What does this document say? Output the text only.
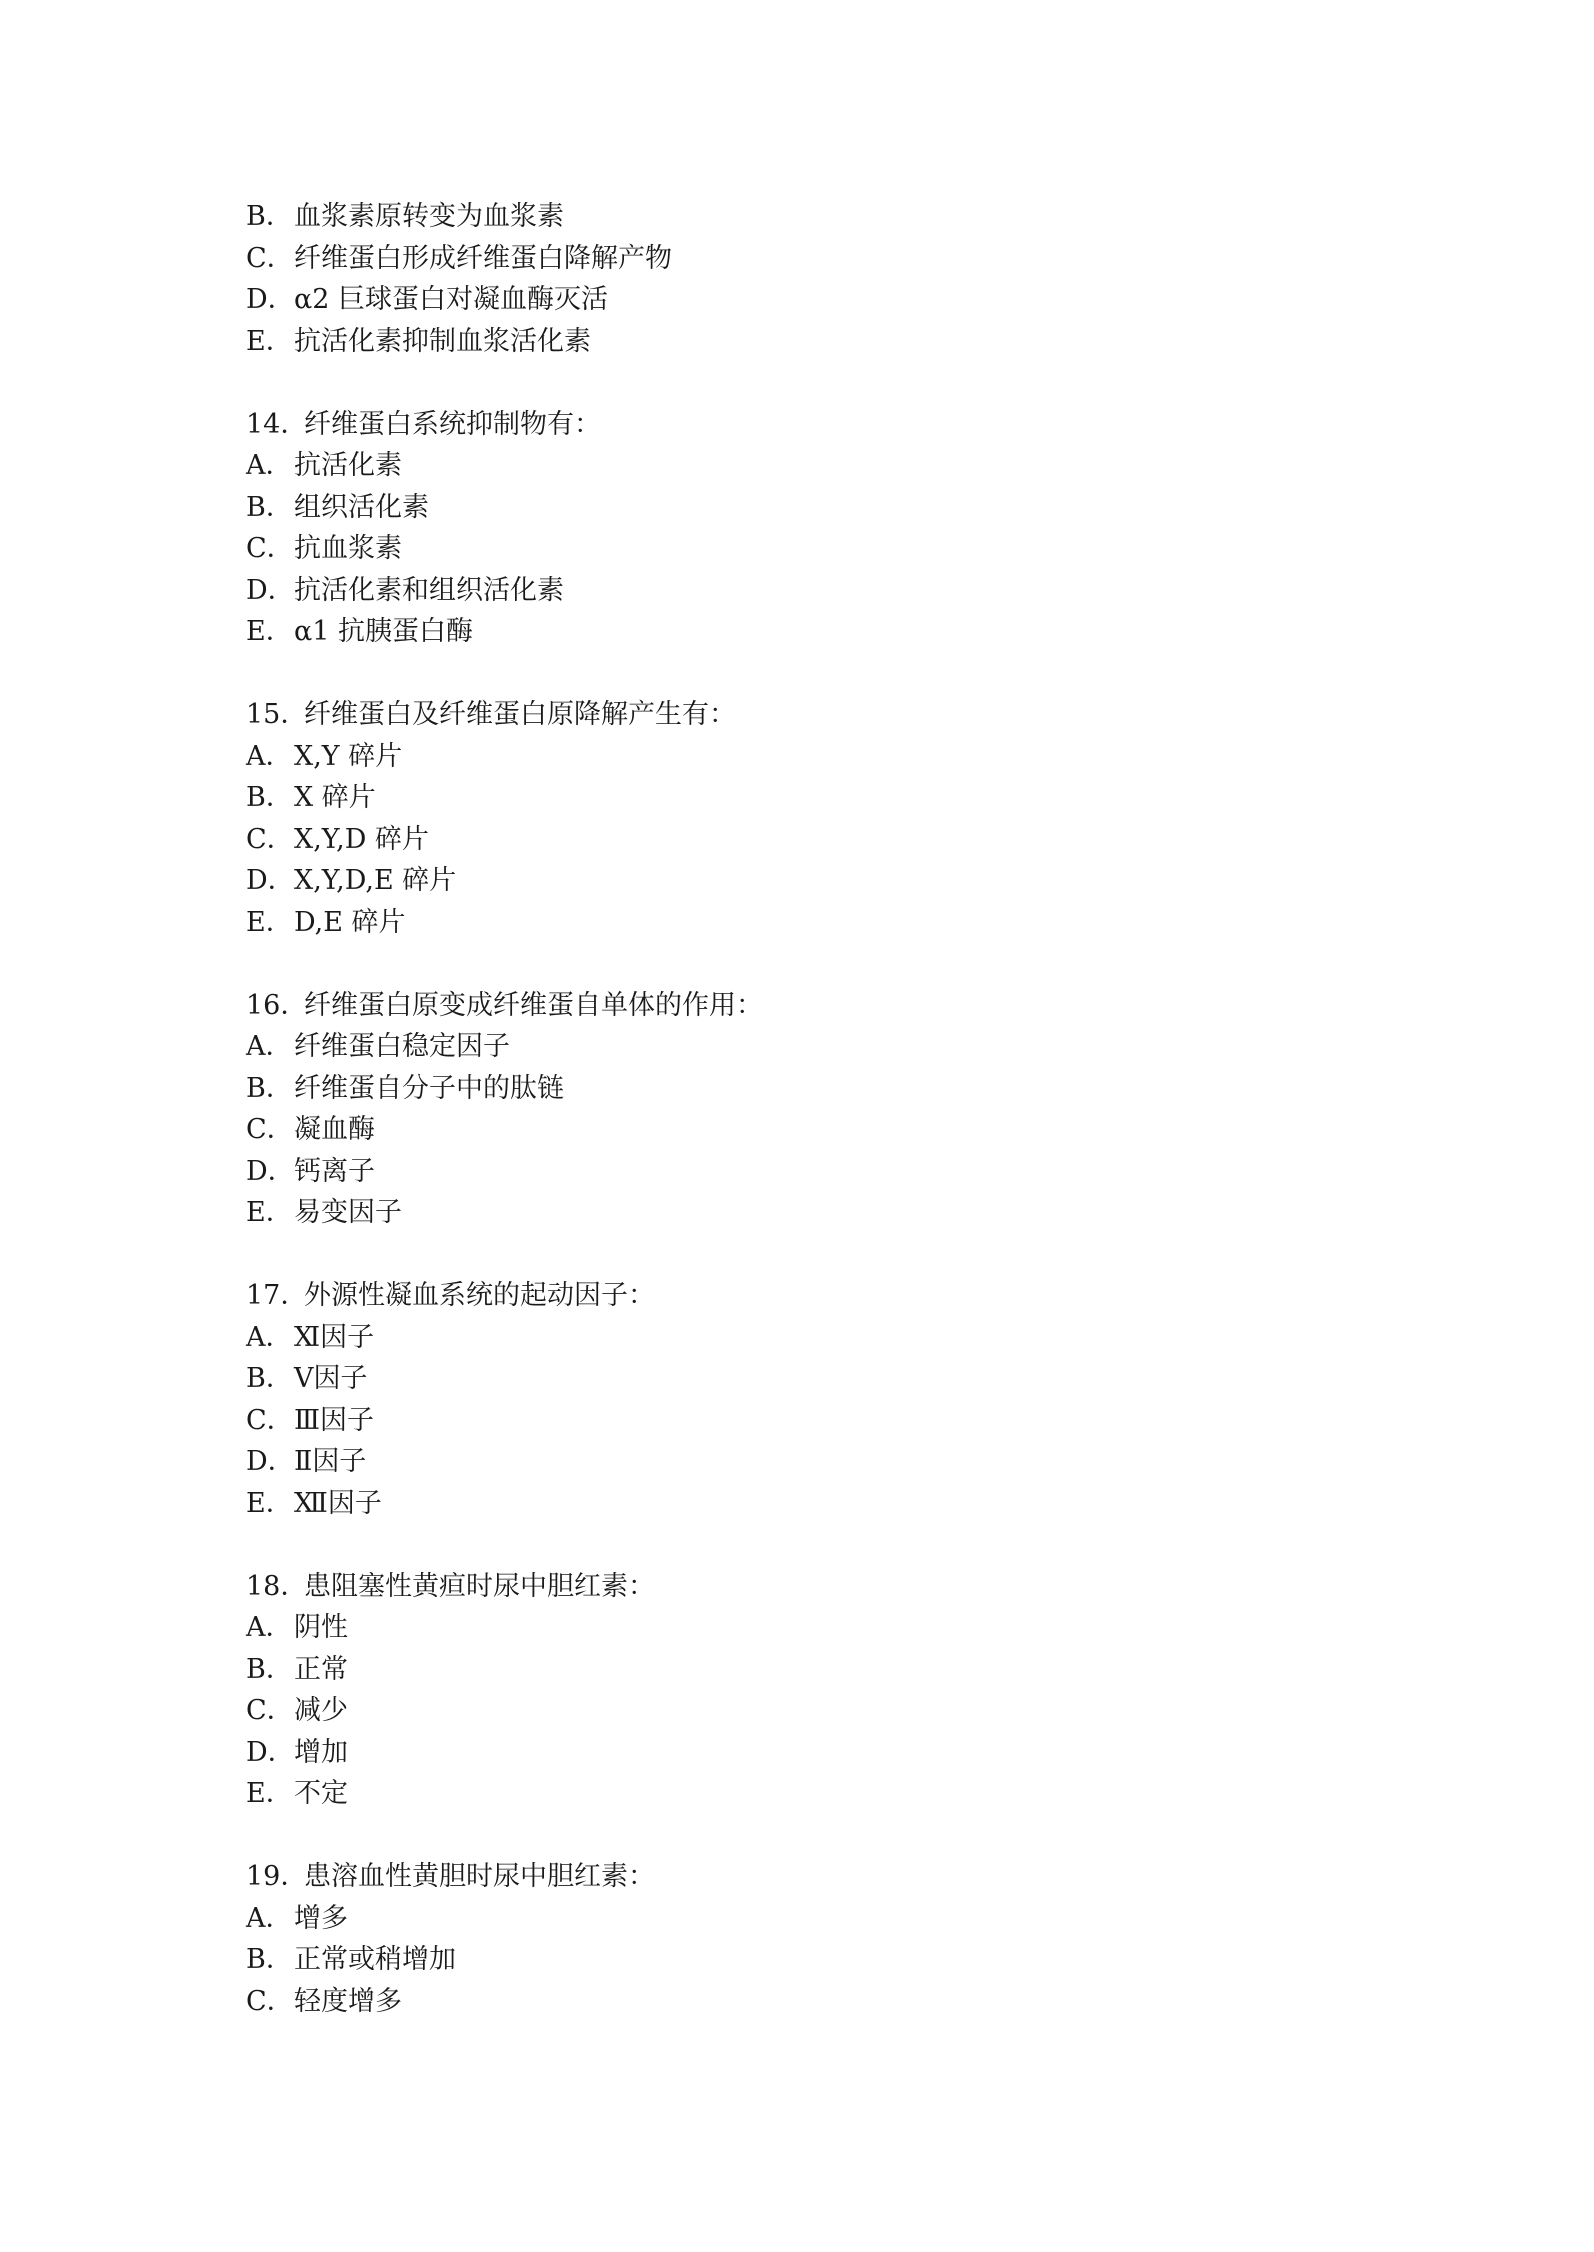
B．血浆素原转变为血浆素
C．纤维蛋白形成纤维蛋白降解产物
D．α2 巨球蛋白对凝血酶灭活
E．抗活化素抑制血浆活化素
14．纤维蛋白系统抑制物有：
A．抗活化素
B．组织活化素
C．抗血浆素
D．抗活化素和组织活化素
E．α1 抗胰蛋白酶
15．纤维蛋白及纤维蛋白原降解产生有：
A．X,Y 碎片
B．X 碎片
C．X,Y,D 碎片
D．X,Y,D,E 碎片
E．D,E 碎片
16．纤维蛋白原变成纤维蛋自单体的作用：
A．纤维蛋白稳定因子
B．纤维蛋自分子中的肽链
C．凝血酶
D．钙离子
E．易变因子
17．外源性凝血系统的起动因子：
A．Ⅺ因子
B．Ⅴ因子
C．Ⅲ因子
D．Ⅱ因子
E．Ⅻ因子
18．患阻塞性黄疸时尿中胆红素：
A．阴性
B．正常
C．减少
D．增加
E．不定
19．患溶血性黄胆时尿中胆红素：
A．增多
B．正常或稍增加
C．轻度增多
